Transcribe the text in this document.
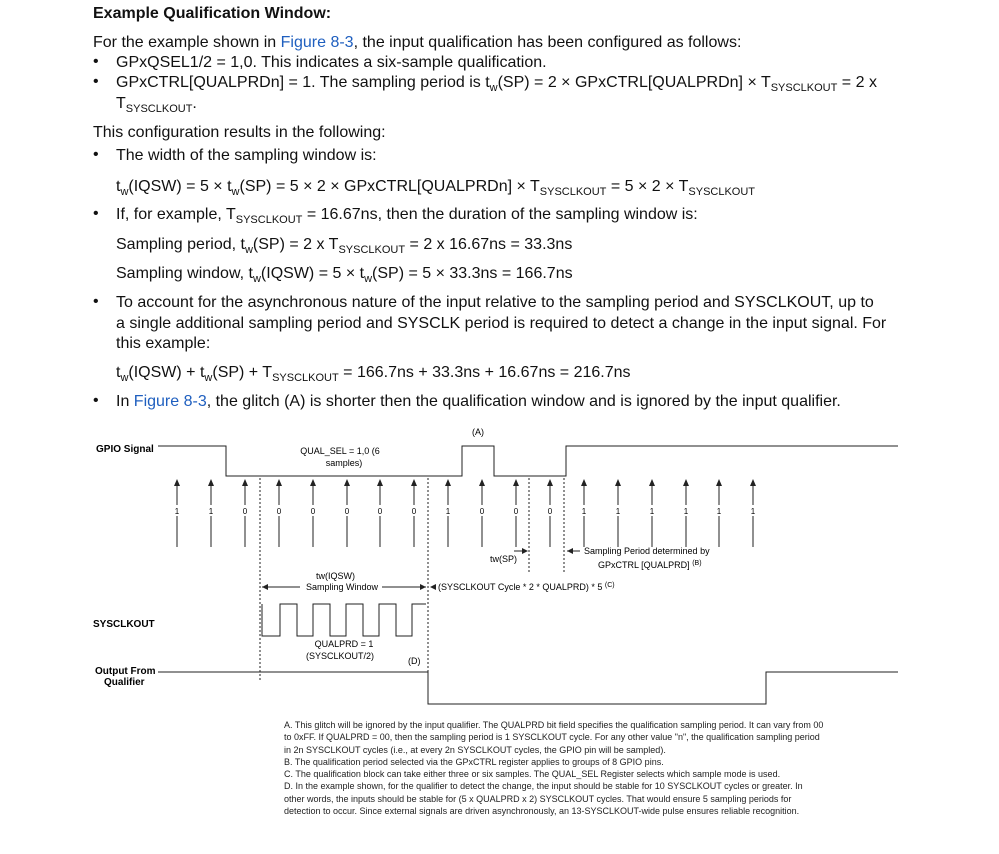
Example Qualification Window:
For the example shown in Figure 8-3, the input qualification has been configured as follows:
• GPxQSEL1/2 = 1,0. This indicates a six-sample qualification.
• GPxCTRL[QUALPRDn] = 1. The sampling period is $t_w(SP) = 2$ × GPxCTRL[QUALPRDn] × $T_{SYSCLKOUT} = 2$ x
$T_{SYSCLKOUT}$.
This configuration results in the following:
• The width of the sampling window is:
$t_w(IQSW) = 5 \times t_w(SP) = 5 \times 2$ × GPxCTRL[QUALPRDn] × $T_{SYSCLKOUT} = 5 \times 2 \times T_{SYSCLKOUT}$
• If, for example, $T_{SYSCLKOUT} = 16.67ns$, then the duration of the sampling window is:
Sampling period, $t_w(SP) = 2$ x $T_{SYSCLKOUT} = 2$ x 16.67ns = 33.3ns
Sampling window, $t_w(IQSW) = 5 \times t_w(SP) = 5 \times 33.3ns = 166.7ns$
• To account for the asynchronous nature of the input relative to the sampling period and SYSCLKOUT, up to
a single additional sampling period and SYSCLK period is required to detect a change in the input signal. For
this example:
$t_w(IQSW) + t_w(SP) + T_{SYSCLKOUT} = 166.7ns + 33.3ns + 16.67ns = 216.7ns$
• In Figure 8-3, the glitch (A) is shorter then the qualification window and is ignored by the input qualifier.
GPIO Signal
SYSCLKOUT
Output From
Qualifier
QUAL_SEL = 1,0 (6
samples)
(A)
1	1	0	0	0	0	0	0	1	0	0	0	1	1	1	1	1	1
tw(SP)
Sampling Period determined by
GPxCTRL [QUALPRD] $^{(B)}$
tw(IQSW)
Sampling Window	(SYSCLKOUT Cycle * 2 * QUALPRD) * 5 $^{(C)}$
QUALPRD = 1
(SYSCLKOUT/2)	(D)

A. This glitch will be ignored by the input qualifier. The QUALPRD bit field specifies the qualification sampling period. It can vary from 00 to 0xFF. If QUALPRD = 00, then the sampling period is 1 SYSCLKOUT cycle. For any other value "n", the qualification sampling period in 2n SYSCLKOUT cycles (i.e., at every 2n SYSCLKOUT cycles, the GPIO pin will be sampled).

B. The qualification period selected via the GPxCTRL register applies to groups of 8 GPIO pins.

C. The qualification block can take either three or six samples. The QUAL_SEL Register selects which sample mode is used.

D. In the example shown, for the qualifier to detect the change, the input should be stable for 10 SYSCLKOUT cycles or greater. In other words, the inputs should be stable for (5 x QUALPRD x 2) SYSCLKOUT cycles. That would ensure 5 sampling periods for detection to occur. Since external signals are driven asynchronously, an 13-SYSCLKOUT-wide pulse ensures reliable recognition.
